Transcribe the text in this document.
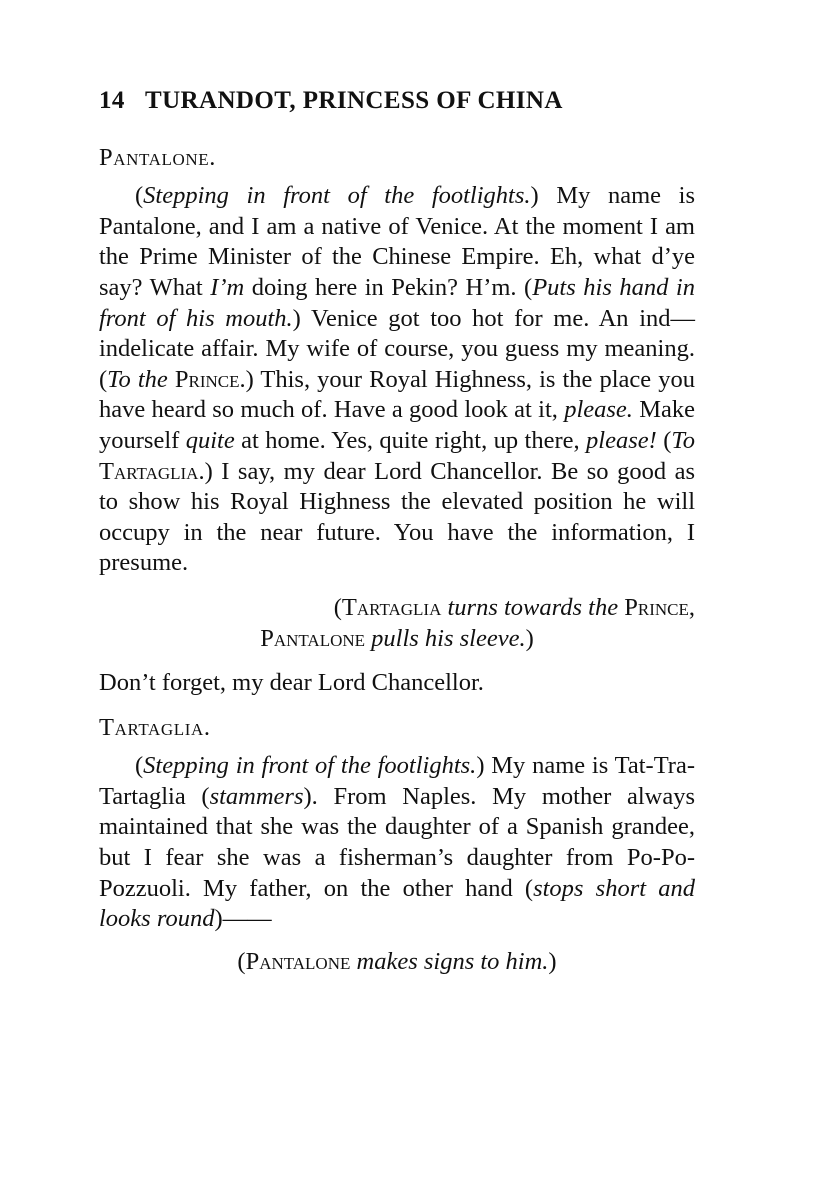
14 TURANDOT, PRINCESS OF CHINA

Pantalone.

(Stepping in front of the footlights.) My name is Pantalone, and I am a native of Venice. At the moment I am the Prime Minister of the Chinese Empire. Eh, what d’ye say? What I’m doing here in Pekin? H’m. (Puts his hand in front of his mouth.) Venice got too hot for me. An ind—indelicate affair. My wife of course, you guess my meaning. (To the Prince.) This, your Royal Highness, is the place you have heard so much of. Have a good look at it, please. Make yourself quite at home. Yes, quite right, up there, please! (To Tartaglia.) I say, my dear Lord Chancellor. Be so good as to show his Royal Highness the elevated position he will occupy in the near future. You have the information, I presume.

(Tartaglia turns towards the Prince,

Pantalone pulls his sleeve.)

Don’t forget, my dear Lord Chancellor.

Tartaglia.

(Stepping in front of the footlights.) My name is Tat-Tra-Tartaglia (stammers). From Naples. My mother always maintained that she was the daughter of a Spanish grandee, but I fear she was a fisherman’s daughter from Po-Po-Pozzuoli. My father, on the other hand (stops short and looks round)——

(Pantalone makes signs to him.)
